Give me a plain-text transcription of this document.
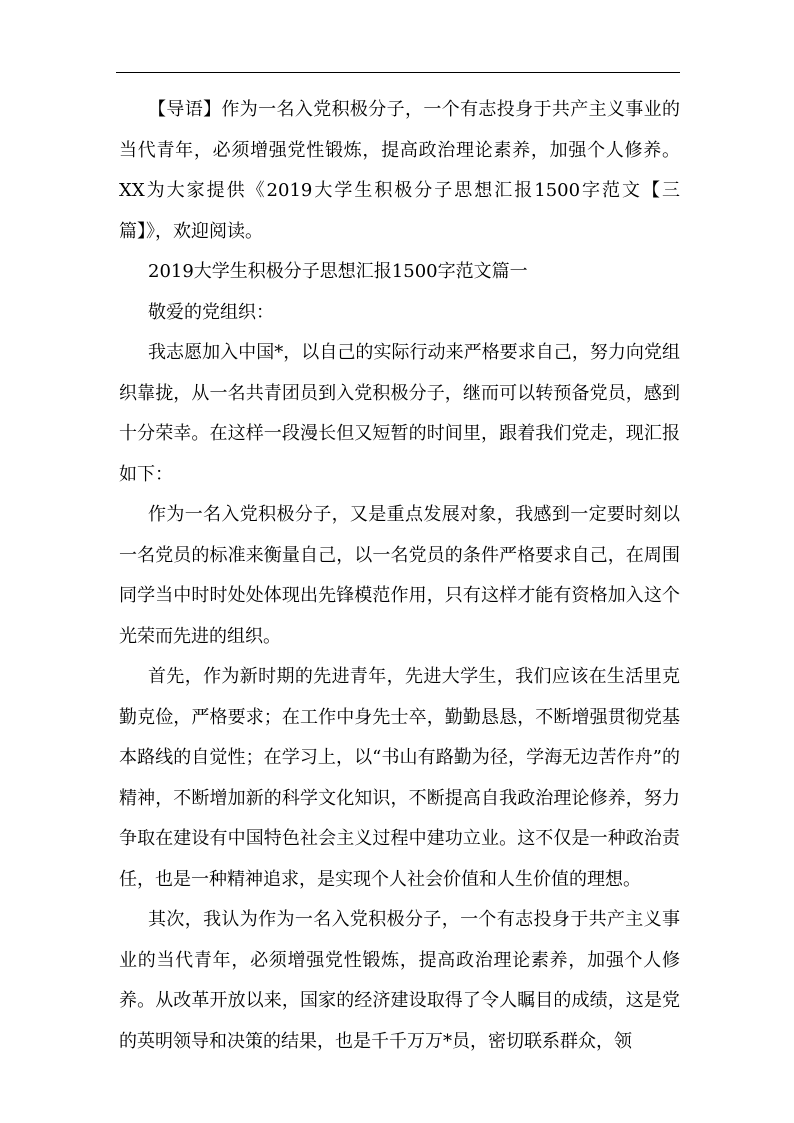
【导语】作为一名入党积极分子，一个有志投身于共产主义事业的当代青年，必须增强党性锻炼，提高政治理论素养，加强个人修养。XX为大家提供《2019大学生积极分子思想汇报1500字范文【三篇】》，欢迎阅读。

2019大学生积极分子思想汇报1500字范文篇一

敬爱的党组织：

我志愿加入中国*，以自己的实际行动来严格要求自己，努力向党组织靠拢，从一名共青团员到入党积极分子，继而可以转预备党员，感到十分荣幸。在这样一段漫长但又短暂的时间里，跟着我们党走，现汇报如下：

作为一名入党积极分子，又是重点发展对象，我感到一定要时刻以一名党员的标准来衡量自己，以一名党员的条件严格要求自己，在周围同学当中时时处处体现出先锋模范作用，只有这样才能有资格加入这个光荣而先进的组织。

首先，作为新时期的先进青年，先进大学生，我们应该在生活里克勤克俭，严格要求；在工作中身先士卒，勤勤恳恳，不断增强贯彻党基本路线的自觉性；在学习上，以“书山有路勤为径，学海无边苦作舟”的精神，不断增加新的科学文化知识，不断提高自我政治理论修养，努力争取在建设有中国特色社会主义过程中建功立业。这不仅是一种政治责任，也是一种精神追求，是实现个人社会价值和人生价值的理想。

其次，我认为作为一名入党积极分子，一个有志投身于共产主义事业的当代青年，必须增强党性锻炼，提高政治理论素养，加强个人修养。从改革开放以来，国家的经济建设取得了令人瞩目的成绩，这是党的英明领导和决策的结果，也是千千万万*员，密切联系群众，领
